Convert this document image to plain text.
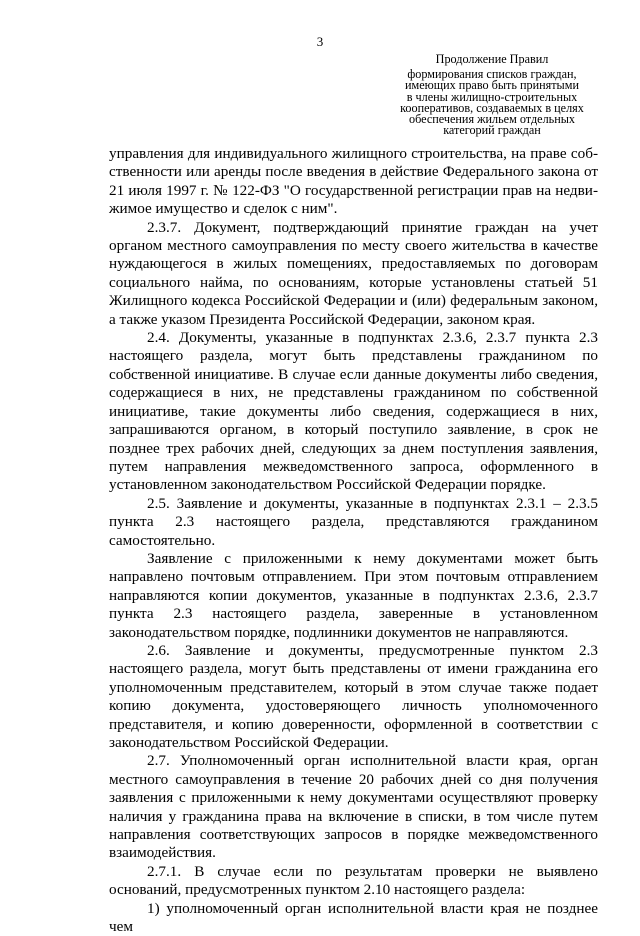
3
Продолжение Правил
формирования списков граждан,
имеющих право быть принятыми
в члены жилищно-строительных
кооперативов, создаваемых в целях
обеспечения жильем отдельных
категорий граждан

управления для индивидуального жилищного строительства, на праве собственности или аренды после введения в действие Федерального закона от 21 июля 1997 г. № 122-ФЗ "О государственной регистрации прав на недвижимое имущество и сделок с ним".

2.3.7. Документ, подтверждающий принятие граждан на учет органом местного самоуправления по месту своего жительства в качестве нуждающегося в жилых помещениях, предоставляемых по договорам социального найма, по основаниям, которые установлены статьей 51 Жилищного кодекса Российской Федерации и (или) федеральным законом, а также указом Президента Российской Федерации, законом края.

2.4. Документы, указанные в подпунктах 2.3.6, 2.3.7 пункта 2.3 настоящего раздела, могут быть представлены гражданином по собственной инициативе. В случае если данные документы либо сведения, содержащиеся в них, не представлены гражданином по собственной инициативе, такие документы либо сведения, содержащиеся в них, запрашиваются органом, в который поступило заявление, в срок не позднее трех рабочих дней, следующих за днем поступления заявления, путем направления межведомственного запроса, оформленного в установленном законодательством Российской Федерации порядке.

2.5. Заявление и документы, указанные в подпунктах 2.3.1 – 2.3.5 пункта 2.3 настоящего раздела, представляются гражданином самостоятельно.

Заявление с приложенными к нему документами может быть направлено почтовым отправлением. При этом почтовым отправлением направляются копии документов, указанные в подпунктах 2.3.6, 2.3.7 пункта 2.3 настоящего раздела, заверенные в установленном законодательством порядке, подлинники документов не направляются.

2.6. Заявление и документы, предусмотренные пунктом 2.3 настоящего раздела, могут быть представлены от имени гражданина его уполномоченным представителем, который в этом случае также подает копию документа, удостоверяющего личность уполномоченного представителя, и копию доверенности, оформленной в соответствии с законодательством Российской Федерации.

2.7. Уполномоченный орган исполнительной власти края, орган местного самоуправления в течение 20 рабочих дней со дня получения заявления с приложенными к нему документами осуществляют проверку наличия у гражданина права на включение в списки, в том числе путем направления соответствующих запросов в порядке межведомственного взаимодействия.

2.7.1. В случае если по результатам проверки не выявлено оснований, предусмотренных пунктом 2.10 настоящего раздела:

1) уполномоченный орган исполнительной власти края не позднее чем
